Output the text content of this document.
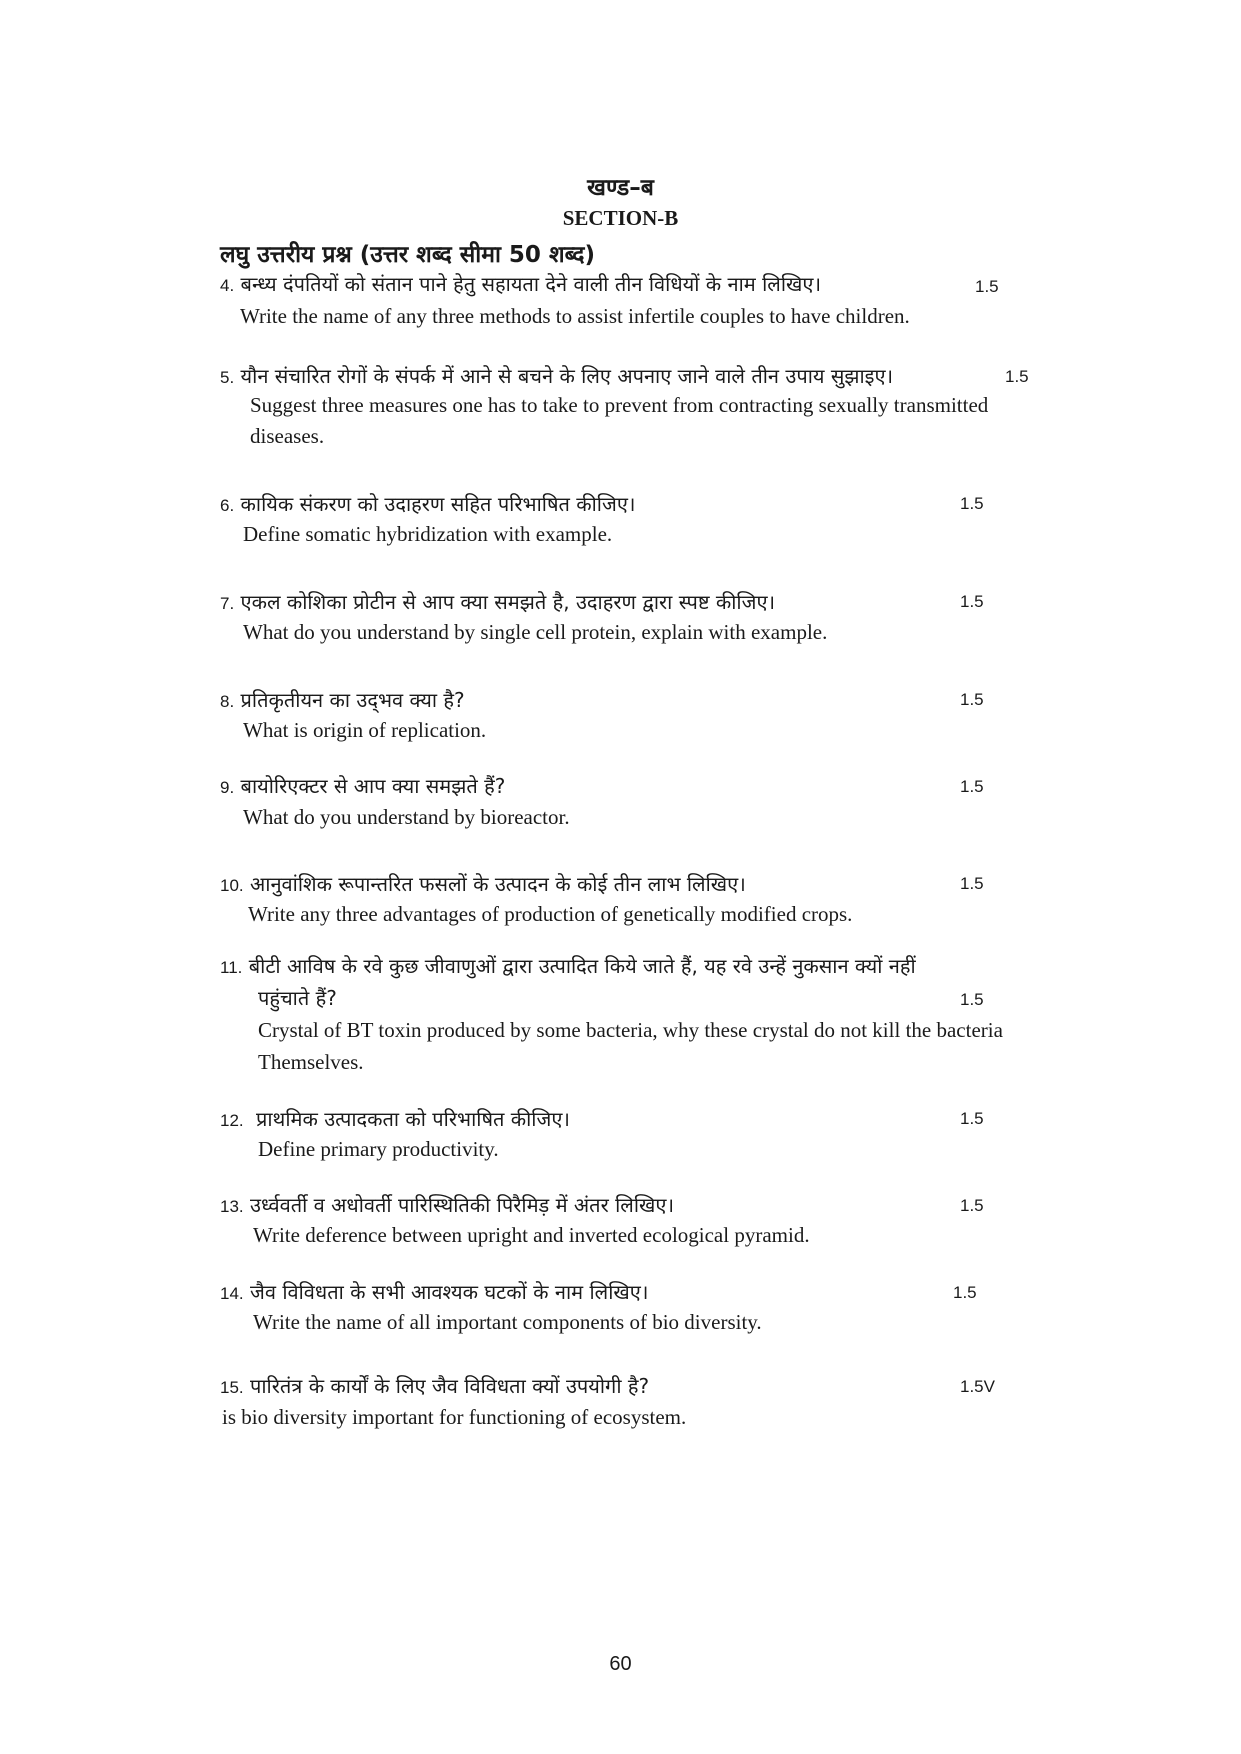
खण्ड–ब
SECTION-B
लघु उत्तरीय प्रश्न (उत्तर शब्द सीमा 50 शब्द)
4. बन्ध्य दंपतियों को संतान पाने हेतु सहायता देने वाली तीन विधियों के नाम लिखिए।	1.5
Write the name of any three methods to assist infertile couples to have children.
5. यौन संचारित रोगों के संपर्क में आने से बचने के लिए अपनाए जाने वाले तीन उपाय सुझाइए।	1.5
Suggest three measures one has to take to prevent from contracting sexually transmitted
diseases.
6. कायिक संकरण को उदाहरण सहित परिभाषित कीजिए।	1.5
Define somatic hybridization with example.
7. एकल कोशिका प्रोटीन से आप क्या समझते है, उदाहरण द्वारा स्पष्ट कीजिए।	1.5
What do you understand by single cell protein, explain with example.
8. प्रतिकृतीयन का उद्‌भव क्या है?	1.5
What is origin of replication.
9. बायोरिएक्टर से आप क्या समझते हैं?	1.5
What do you understand by bioreactor.
10. आनुवांशिक रूपान्तरित फसलों के उत्पादन के कोई तीन लाभ लिखिए।	1.5
Write any three advantages of production of genetically modified crops.
11. बीटी आविष के रवे कुछ जीवाणुओं द्वारा उत्पादित किये जाते हैं, यह रवे उन्हें नुकसान क्यों नहीं
पहुंचाते हैं?	1.5
Crystal of BT toxin produced by some bacteria, why these crystal do not kill the bacteria
Themselves.
12. प्राथमिक उत्पादकता को परिभाषित कीजिए।	1.5
Define primary productivity.
13. उर्ध्ववर्ती व अधोवर्ती पारिस्थितिकी पिरैमिड़ में अंतर लिखिए।	1.5
Write deference between upright and inverted ecological pyramid.
14. जैव विविधता के सभी आवश्यक घटकों के नाम लिखिए।	1.5
Write the name of all important components of bio diversity.
15. पारितंत्र के कार्यों के लिए जैव विविधता क्यों उपयोगी है?	1.5V
is bio diversity important for functioning of ecosystem.
60
